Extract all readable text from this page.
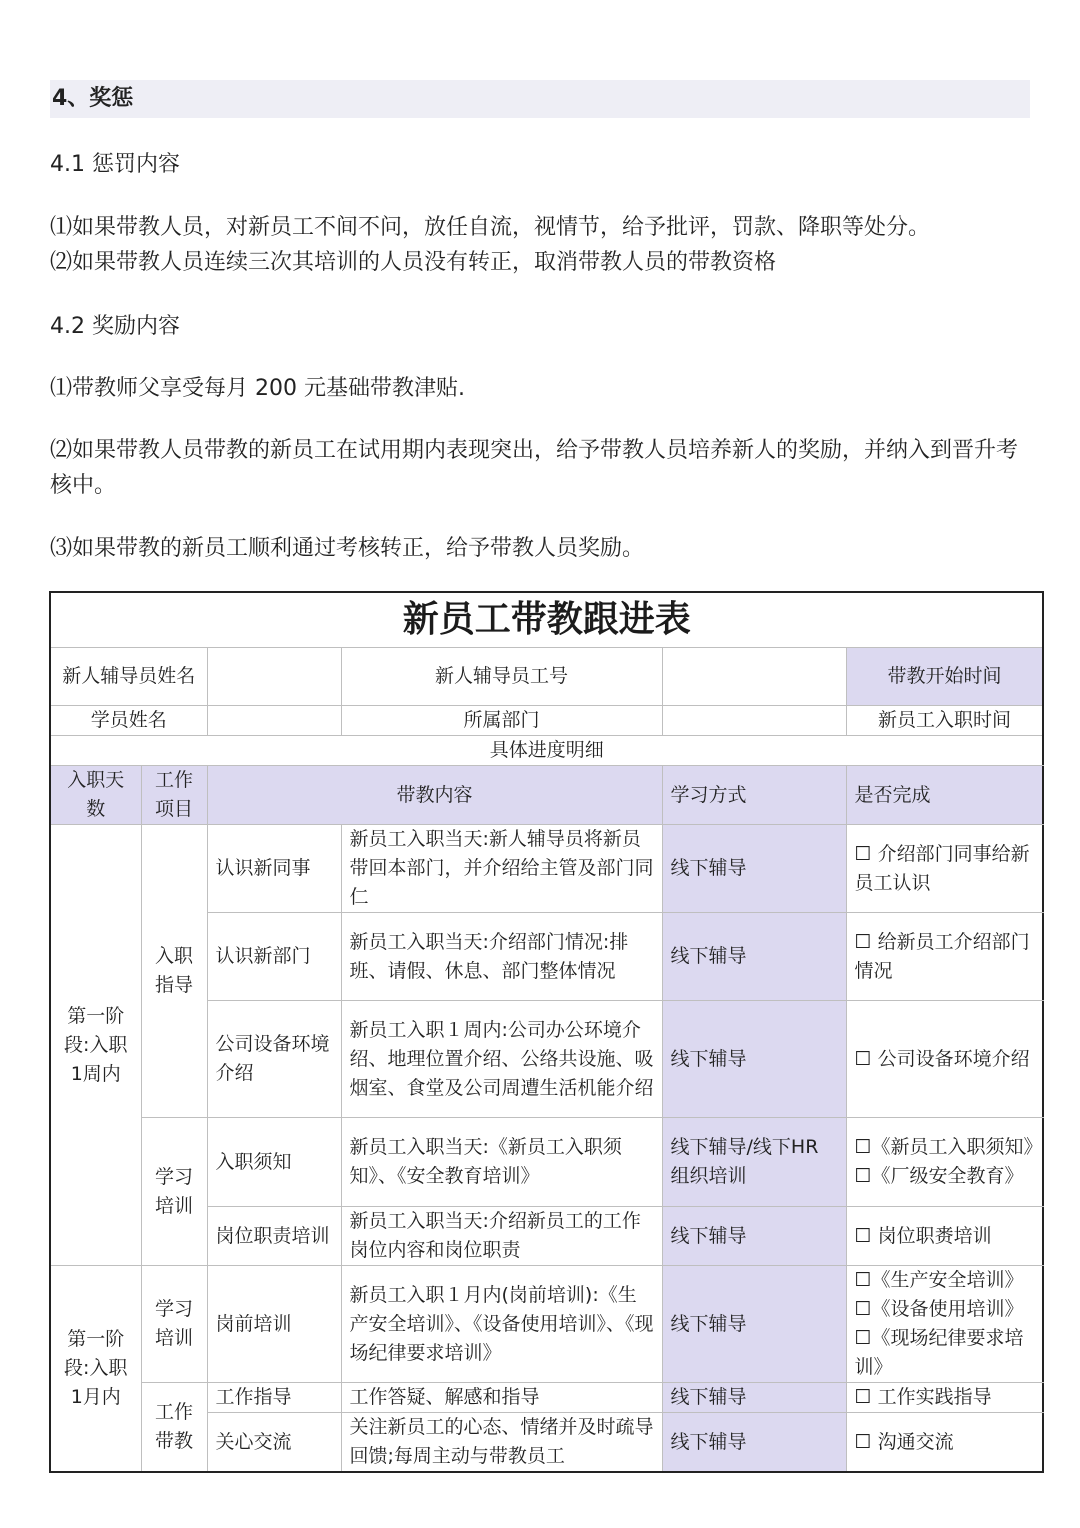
4、奖惩
4.1 惩罚内容
⑴如果带教人员，对新员工不间不问，放任自流，视情节，给予批评，罚款、降职等处分。
⑵如果带教人员连续三次其培训的人员没有转正，取消带教人员的带教资格
4.2 奖励内容
⑴带教师父享受每月 200 元基础带教津贴.
⑵如果带教人员带教的新员工在试用期内表现突出，给予带教人员培养新人的奖励，并纳入到晋升考核中。
⑶如果带教的新员工顺利通过考核转正，给予带教人员奖励。
新员工带教跟进表						
新人辅导员姓名			新人辅导员工号		带教开始时间	
学员姓名			所属部门		新员工入职时间	
具体进度明细						
入职天数	工作项目	带教内容		学习方式	是否完成	
第一阶段:入职1周内	入职指导	认识新同事	新员工入职当天:新人辅导员将新员带回本部门，并介绍给主管及部门同仁	线下辅导	☐ 介绍部门同事给新员工认识	
		认识新部门	新员工入职当天:介绍部门情况:排班、请假、休息、部门整体情况	线下辅导	☐ 给新员工介绍部门情况	
		公司设备环境介绍	新员工入职１周内:公司办公环境介绍、地理位置介绍、公络共设施、吸烟室、食堂及公司周遭生活机能介绍	线下辅导	☐ 公司设备环境介绍	
	学习培训	入职须知	新员工入职当天:《新员工入职须知》、《安全教育培训》	线下辅导/线下HR 组织培训	☐《新员工入职须知》☐《厂级安全教育》	
		岗位职责培训	新员工入职当天:介绍新员工的工作岗位内容和岗位职责	线下辅导	☐ 岗位职赉培训	
第一阶段:入职1月内	学习培训	岗前培训	新员工入职１月内(岗前培训):《生产安全培训》、《设备使用培训》、《现场纪律要求培训》	线下辅导	☐《生产安全培训》☐《设备使用培训》☐《现场纪律要求培训》	
	工作带教	工作指导	工作答疑、解感和指导	线下辅导	☐ 工作实践指导	
		关心交流	关注新员工的心态、情绪并及时疏导回馈;每周主动与带教员工	线下辅导	☐ 沟通交流	
